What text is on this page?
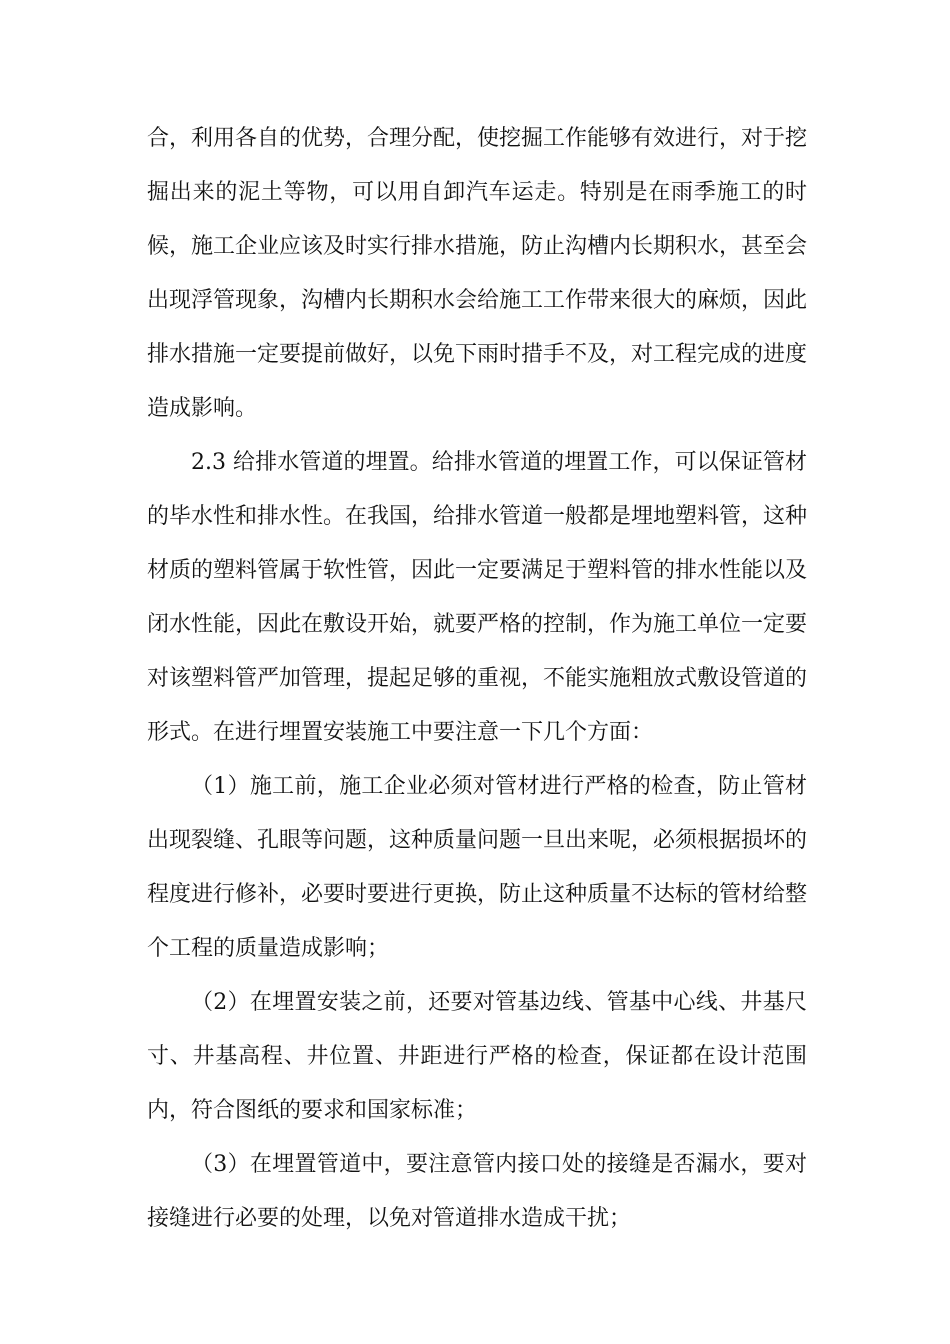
合，利用各自的优势，合理分配，使挖掘工作能够有效进行，对于挖掘出来的泥土等物，可以用自卸汽车运走。特别是在雨季施工的时候，施工企业应该及时实行排水措施，防止沟槽内长期积水，甚至会出现浮管现象，沟槽内长期积水会给施工工作带来很大的麻烦，因此排水措施一定要提前做好，以免下雨时措手不及，对工程完成的进度造成影响。

2.3 给排水管道的埋置。给排水管道的埋置工作，可以保证管材的毕水性和排水性。在我国，给排水管道一般都是埋地塑料管，这种材质的塑料管属于软性管，因此一定要满足于塑料管的排水性能以及闭水性能，因此在敷设开始，就要严格的控制，作为施工单位一定要对该塑料管严加管理，提起足够的重视，不能实施粗放式敷设管道的形式。在进行埋置安装施工中要注意一下几个方面：

（1）施工前，施工企业必须对管材进行严格的检查，防止管材出现裂缝、孔眼等问题，这种质量问题一旦出来呢，必须根据损坏的程度进行修补，必要时要进行更换，防止这种质量不达标的管材给整个工程的质量造成影响；

（2）在埋置安装之前，还要对管基边线、管基中心线、井基尺寸、井基高程、井位置、井距进行严格的检查，保证都在设计范围内，符合图纸的要求和国家标准；

（3）在埋置管道中，要注意管内接口处的接缝是否漏水，要对接缝进行必要的处理，以免对管道排水造成干扰；
